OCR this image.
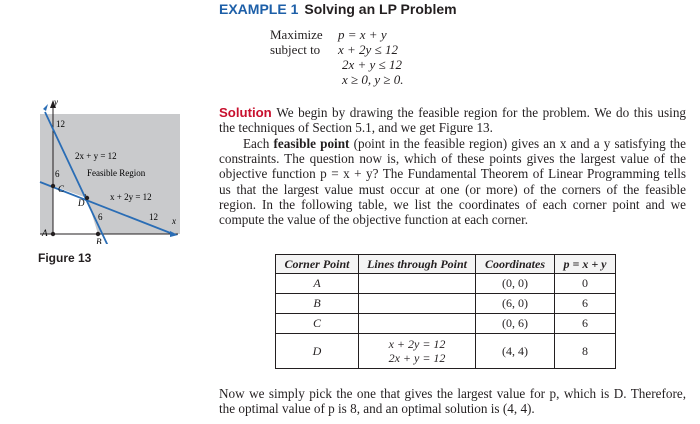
EXAMPLE 1 Solving an LP Problem
Maximize p = x + y
subject to x + 2y ≤ 12
2x + y ≤ 12
x ≥ 0, y ≥ 0.
Solution We begin by drawing the feasible region for the problem. We do this using the techniques of Section 5.1, and we get Figure 13.
Each feasible point (point in the feasible region) gives an x and a y satisfying the constraints. The question now is, which of these points gives the largest value of the objective function p = x + y? The Fundamental Theorem of Linear Programming tells us that the largest value must occur at one (or more) of the corners of the feasible region. In the following table, we list the coordinates of each corner point and we compute the value of the objective function at each corner.
Now we simply pick the one that gives the largest value for p, which is D. Therefore, the optimal value of p is 8, and an optimal solution is (4, 4).
y
x
12
6
6	12
2x + y = 12
Feasible Region
x + 2y = 12
A
B
C
D
Figure 13	Corner Point	Lines through Point	Coordinates	p = x + y
A		(0, 0)	0
B		(6, 0)	6
C		(0, 6)	6
D	x + 2y = 12
2x + y = 12	(4, 4)	8
